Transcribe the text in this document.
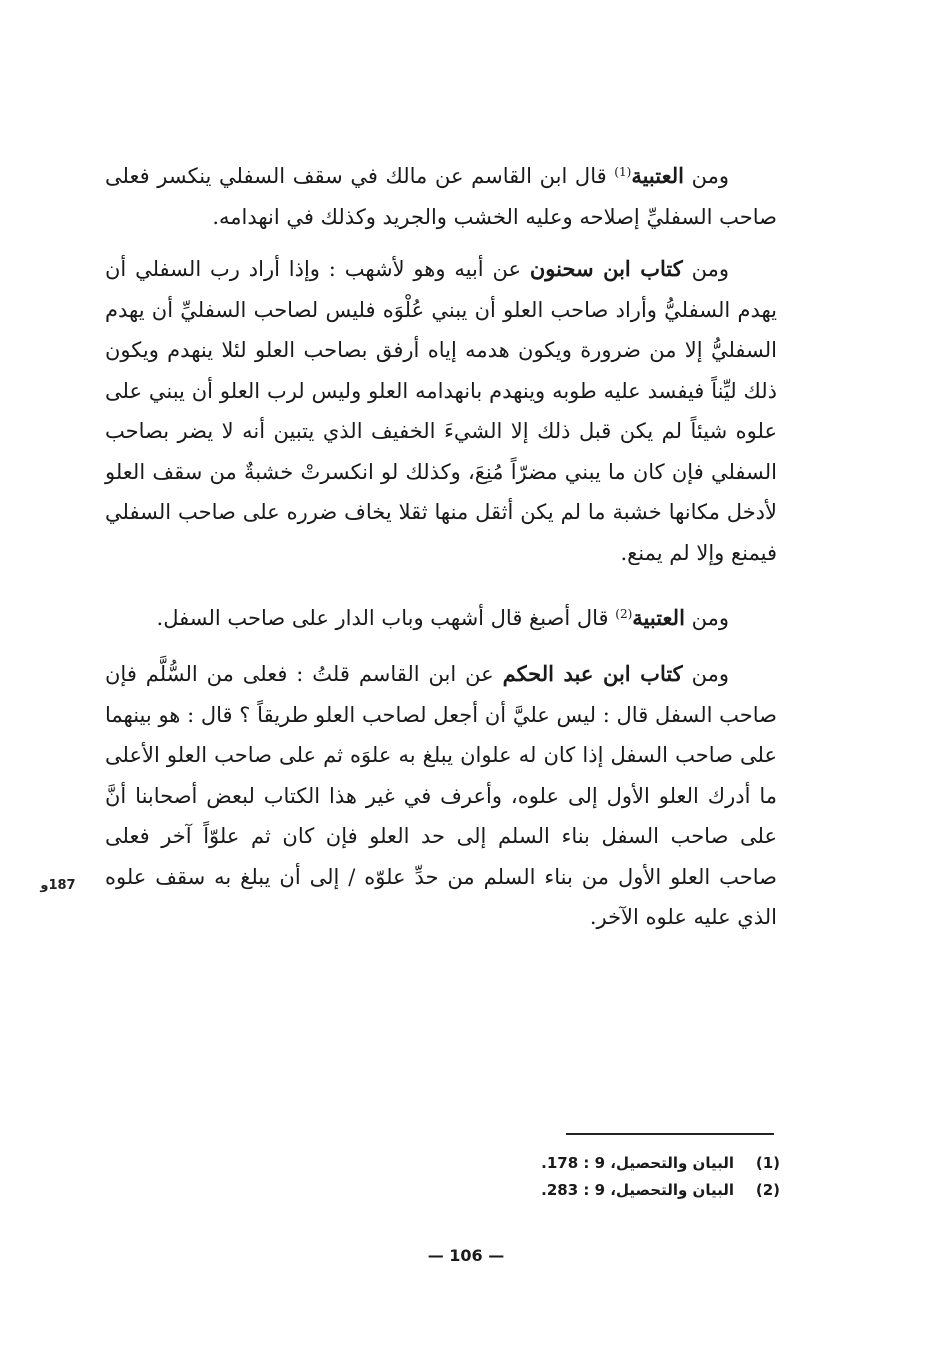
ومن العتبية$^{(1)}$ قال ابن القاسم عن مالك في سقف السفلي ينكسر فعلى صاحب السفليِّ إصلاحه وعليه الخشب والجريد وكذلك في انهدامه.

ومن كتاب ابن سحنون عن أبيه وهو لأشهب : وإذا أراد رب السفلي أن يهدم السفليُّ وأراد صاحب العلو أن يبني عُلْوَه فليس لصاحب السفليِّ أن يهدم السفليُّ إلا من ضرورة ويكون هدمه إياه أرفق بصاحب العلو لئلا ينهدم ويكون ذلك ليِّناً فيفسد عليه طوبه وينهدم بانهدامه العلو وليس لرب العلو أن يبني على علوه شيئاً لم يكن قبل ذلك إلا الشيءَ الخفيف الذي يتبين أنه لا يضر بصاحب السفلي فإن كان ما يبني مضرّاً مُنِعَ، وكذلك لو انكسرتْ خشبةٌ من سقف العلو لأدخل مكانها خشبة ما لم يكن أثقل منها ثقلا يخاف ضرره على صاحب السفلي فيمنع وإلا لم يمنع.

ومن العتبية$^{(2)}$ قال أصبغ قال أشهب وباب الدار على صاحب السفل.

ومن كتاب ابن عبد الحكم عن ابن القاسم قلتُ : فعلى من السُّلَّم فإن صاحب السفل قال : ليس عليَّ أن أجعل لصاحب العلو طريقاً ؟ قال : هو بينهما على صاحب السفل إذا كان له علوان يبلغ به علوَه ثم على صاحب العلو الأعلى ما أدرك العلو الأول إلى علوه، وأعرف في غير هذا الكتاب لبعض أصحابنا أنَّ على صاحب السفل بناء السلم إلى حد العلو فإن كان ثم علوّاً آخر فعلى صاحب العلو الأول من بناء السلم من حدِّ علوّه / إلى أن يبلغ به سقف علوه الذي عليه علوه الآخر.

187و
(1)
البيان والتحصيل، 9 : 178.
(2)
البيان والتحصيل، 9 : 283.
— 106 —
